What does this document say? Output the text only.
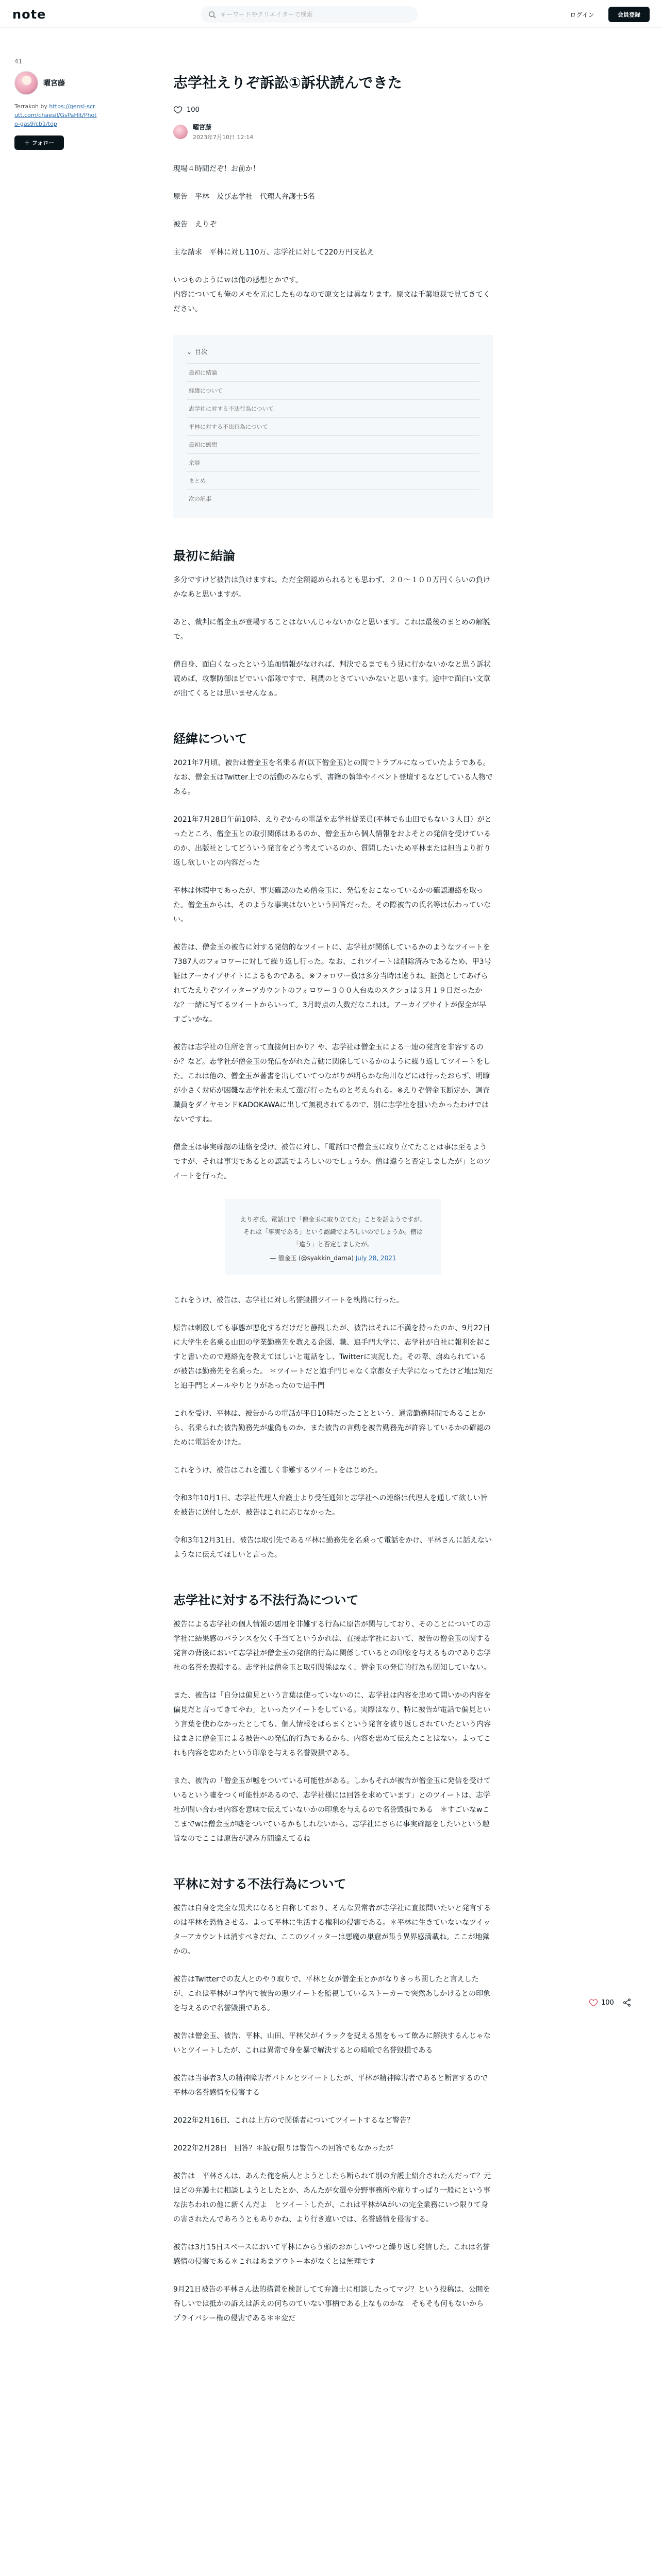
note
キーワードやクリエイターで検索	ログイン	会員登録
41
曜宮藤
Terrakoh by https://gensl-scrutt.com/chaesil/GsPaHlt/Photo-gas9/cb1/top
＋ フォロー
志学社えりぞ訴訟①訴状読んできた
100
曜宮藤
2023年7月10日 12:14

現場４時間だぞ！お前か！

原告　平林　及び志学社　代理人弁護士5名

被告　えりぞ

主な請求　平林に対し110万、志学社に対して220万円支払え

いつものようにｗは俺の感想とかです。
内容についても俺のメモを元にしたものなので原文とは異なります。原文は千葉地裁で見てきてください。

⌄ 目次
最初に結論
経緯について
志学社に対する不法行為について
平林に対する不法行為について
最初に感想
余談
まとめ
次の記事
最初に結論

多分ですけど被告は負けますね。ただ全額認められるとも思わず、２０〜１００万円くらいの負けかなあと思いますが。

あと、裁判に僧金玉が登場することはないんじゃないかなと思います。これは最後のまとめの解説で。

僧自身、面白くなったという追加情報がなければ、判決でるまでもう見に行かないかなと思う訴状読めば、攻撃防御ほどでいい部隊ですで、利潤のとさていいかないと思います。途中で面白い文章が出てくるとは思いませんなぁ。

経緯について

2021年7月頃、被告は僧金玉を名乗る者(以下僧金玉)との間でトラブルになっていたようである。なお、僧金玉はTwitter上での活動のみならず、書籍の執筆やイベント登壇するなどしている人物である。

2021年7月28日午前10時、えりぞからの電話を志学社従業員(平林でも山田でもない３人目）がとったところ、僧金玉との取引関係はあるのか、僧金玉から個人情報をおよそとの発信を受けているのか、出版社としてどういう発言をどう考えているのか、質問したいため平林または担当より折り返し欲しいとの内容だった

平林は休暇中であったが、事実確認のため僧金玉に、発信をおこなっているかの確認連絡を取った。僧金玉からは、そのような事実はないという回答だった。その際被告の氏名等は伝わっていない。

被告は、僧金玉の被告に対する発信的なツイートに、志学社が関係しているかのようなツイートを7387人のフォロワーに対して繰り返し行った。なお、これツイートは削除済みであるため、甲3号証はアーカイブサイトによるものである。※フォロワー数は多分当時は違うね。証拠としてあげられてたえりぞツイッターアカウントのフォロワー３００人台ぬのスクショは３月１９日だったかな？一緒に写てるツイートからいって。3月時点の人数だなこれは。アーカイブサイトが保全が早すごいかな。

被告は志学社の住所を言って直接何日かり？や、志学社は僧金玉による一連の発言を非容するのか？など。志学社が僧金玉の発信をがれた言動に関係しているかのように繰り返してツイートをした。これは他の、僧金玉が著書を出していてつながりが明らかな角川などには行ったおらず、明瞭が小さく対応が困難な志学社を未えて選び行ったものと考えられる。※えりぞ僧金玉断定か、調査職員をダイヤモンドKADOKAWAに出して無視されてるので、別に志学社を狙いたかったわけではないですね。

僧金玉は事実確認の連絡を受け、被告に対し、「電話口で僧金玉に取り立てたことは事は至るようですが、それは事実であるとの認識でよろしいのでしょうか。僧は違うと否定しましたが」とのツイートを行った。

えりぞ氏、電話口で「僧金玉に取り立てた」ことを話ようですが、それは「事実である」という認識でよろしいのでしょうか。僧は「違う」と否定しましたが。
— 僧金玉 (@syakkin_dama) July 28, 2021

これをうけ、被告は、志学社に対し名誉毀損ツイートを執拗に行った。

原告は刺激しても事態が悪化するだけだと静観したが、被告はそれに不満を持ったのか、9月22日に大学生を名乗る山田の学業勤務先を教える企図、職、追手門大学に、志学社が自社に報利を起こすと書いたので連絡先を教えてほしいと電話をし、Twitterに実況した。その際、扇ぬられているが被告は勤務先を名乗った。 ＊ツイートだと追手門じゃなく京都女子大学になってたけど地は知だと追手門とメールやりとりがあったので追手門

これを受け、平林は、被告からの電話が平日10時だったことという、通常勤務時間であることから、名乗られた被告勤務先が虚偽ものか、また被告の言動を被告勤務先が許容しているかの確認のために電話をかけた。

これをうけ、被告はこれを濫しく非難するツイートをはじめた。

令和3年10月1日、志学社代理人弁護士より受任通知と志学社への連絡は代理人を通して欲しい旨を被告に送付したが、被告はこれに応じなかった。

令和3年12月31日、被告は取引先である平林に勤務先を名乗って電話をかけ、平林さんに話えないようなに伝えてほしいと言った。

志学社に対する不法行為について

被告による志学社の個人情報の悪用を非難する行為に原告が関与しており、そのことについての志学社に結果感のバランスを欠く手当てというかれは、直接志学社において、被告の僧金玉の関する発言の背後において志学社が僧金玉の発信的行為に関係しているとの印象を与えるものであり志学社の名誉を毀損する。志学社は僧金玉と取引関係はなく、僧金玉の発信的行為も関知していない。

また、被告は「自分は偏見という言葉は使っていないのに、志学社は内容を忠めて問いかの内容を偏見だと言ってきてやわ」といったツイートをしている。実際はなり、特に被告が電話で偏見という言葉を使わなかったとしても、個人情報をばらまくという発言を被り返しされていたという内容はまさに僧金玉による被告への発信的行為であるから、内容を忠めて伝えたことはない。よってこれも内容を忠めたという印象を与える名誉毀損である。

また、被告の「僧金玉が嘘をついている可能性がある。しかもそれが被告が僧金玉に発信を受けているという嘘をつく可能性があるので、志学社様には回答を求めています」とのツイートは、志学社が問い合わせ内容を意味で伝えていないかの印象を与えるので名誉毀損である　＊すごいなwここまでwは僧金玉が嘘をついているかもしれないから、志学社にさらに事実確認をしたいという趣旨なのでここは原告が読み方間違えてるね

平林に対する不法行為について

被告は自身を完全な黒犬になると自称しており、そんな異常者が志学社に直接問いたいと発言するのは平林を恐怖させる。よって平林に生活する権利の侵害である。＊平林に生きていないなツイッターアカウントは消すべきだね、ここのツイッターは悪魔の巣窟が集う異界感満載ね。ここが地獄かの。

被告はTwitterでの友人とのやり取りで、平林と女が僧金玉とかがなりきっち罰したと言えしたが、これは平林がコ学内で被告の悪ツイートを監視しているストーカーで突然あしかけるとの印象を与えるので名誉毀損である。

被告は僧金玉、被告、平林、山田、平林父がイラックを捉える黒をもって飲みに解決するんじゃないとツイートしたが、これは異常で身を暴で解決するとの暗喩で名誉毀損である

被告は当事者3人の精神障害者バトルとツイートしたが、平林が精神障害者であると断言するので平林の名誉感情を侵害する

2022年2月16日、これは上方ので関係者についてツイートするなど警告？

2022年2月28日　回答？＊読む限りは警告への回答でもなかったが

被告は　平林さんは、あんた俺を病人とようとしたら断られて別の弁護士紹介されたんだって？元ほどの弁護士に相談しようとしたとか、あんたが女選や分野事務所や雇りすっぱり一般にという事な法ちわれの他に新くんだよ　とツイートしたが、これは平林がAがいの完全業務にいつ限りて身の害されたんであろうともありかね、より行き違いでは、名誉感情を侵害する。

被告は3月15日スペースにおいて平林にからう頭のおかしいやつと繰り返し発信した。これは名誉感情の侵害である＊これはあまアウトー本がなくとは無理です

9月21日被告の平林さん法的措置を検討してて弁護士に相談したってマジ？という投稿は、公開を呑しいでは抵かの訴えは訴えの何ちのていない事柄である上なものかな　そもそも何もないから　プライバシー権の侵害である＊＊変だ

100
